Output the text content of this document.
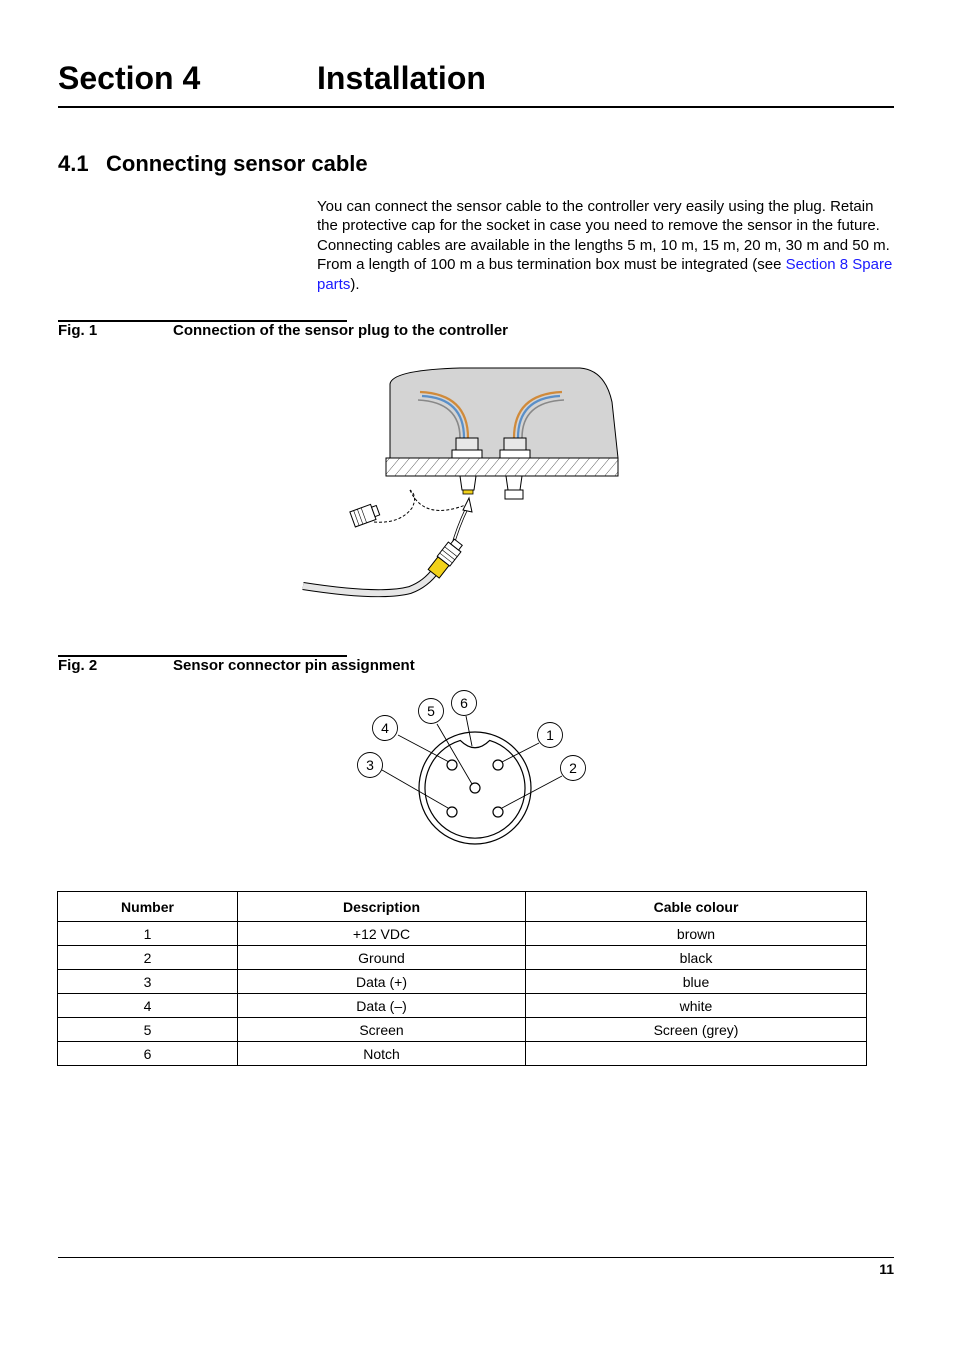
Section 4	Installation
4.1 Connecting sensor cable

You can connect the sensor cable to the controller very easily using the plug. Retain the protective cap for the socket in case you need to remove the sensor in the future. Connecting cables are available in the lengths 5 m, 10 m, 15 m, 20 m, 30 m and 50 m. From a length of 100 m a bus termination box must be integrated (see Section 8 Spare parts).

Fig. 1	Connection of the sensor plug to the controller
Fig. 2	Sensor connector pin assignment
1
2
3
4
5 6
Number	Description	Cable colour
1	+12 VDC	brown
2	Ground	black
3	Data (+)	blue
4	Data (–)	white
5	Screen	Screen (grey)
6	Notch	
11
